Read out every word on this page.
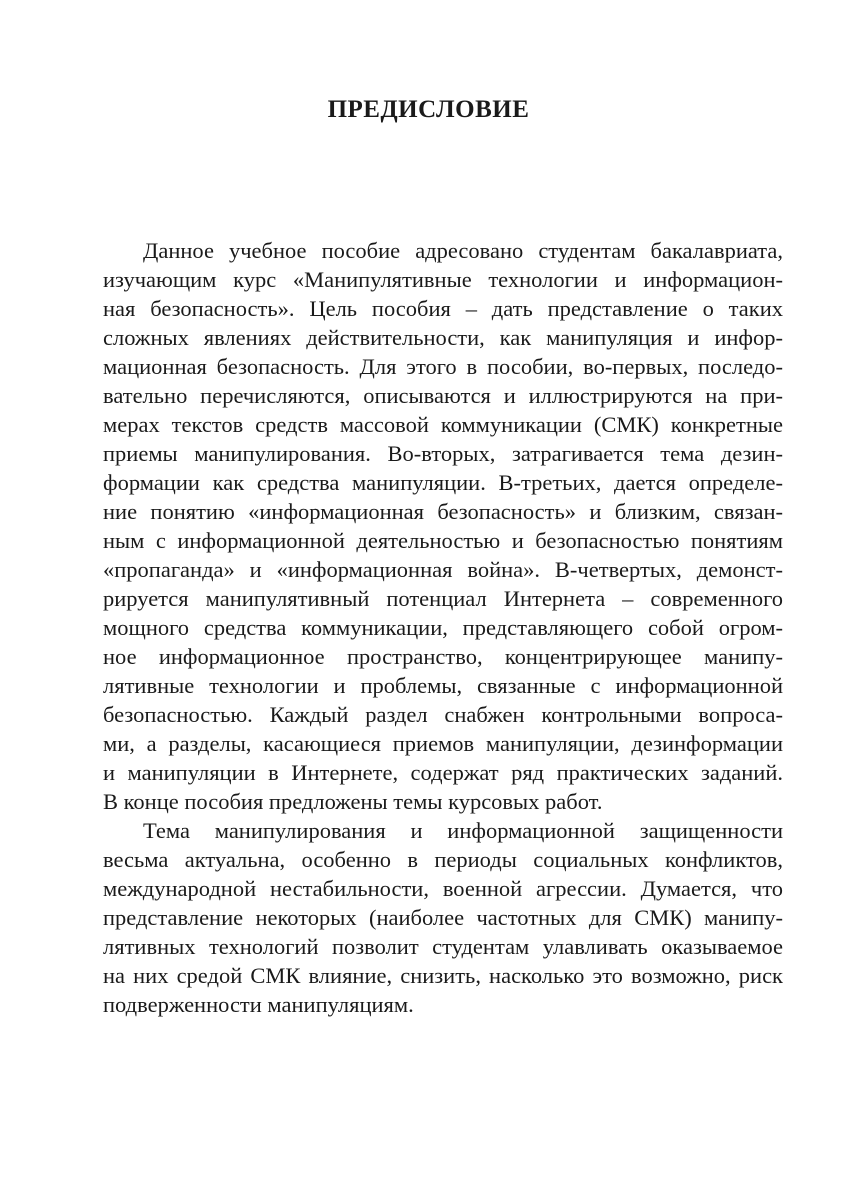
ПРЕДИСЛОВИЕ

Данное учебное пособие адресовано студентам бакалавриата,
изучающим курс «Манипулятивные технологии и информацион-
ная безопасность». Цель пособия – дать представление о таких
сложных явлениях действительности, как манипуляция и инфор-
мационная безопасность. Для этого в пособии, во-первых, последо-
вательно перечисляются, описываются и иллюстрируются на при-
мерах текстов средств массовой коммуникации (СМК) конкретные
приемы манипулирования. Во-вторых, затрагивается тема дезин-
формации как средства манипуляции. В-третьих, дается определе-
ние понятию «информационная безопасность» и близким, связан-
ным с информационной деятельностью и безопасностью понятиям
«пропаганда» и «информационная война». В-четвертых, демонст-
рируется манипулятивный потенциал Интернета – современного
мощного средства коммуникации, представляющего собой огром-
ное информационное пространство, концентрирующее манипу-
лятивные технологии и проблемы, связанные с информационной
безопасностью. Каждый раздел снабжен контрольными вопроса-
ми, а разделы, касающиеся приемов манипуляции, дезинформации
и манипуляции в Интернете, содержат ряд практических заданий.
В конце пособия предложены темы курсовых работ.

Тема манипулирования и информационной защищенности
весьма актуальна, особенно в периоды социальных конфликтов,
международной нестабильности, военной агрессии. Думается, что
представление некоторых (наиболее частотных для СМК) манипу-
лятивных технологий позволит студентам улавливать оказываемое
на них средой СМК влияние, снизить, насколько это возможно, риск
подверженности манипуляциям.
